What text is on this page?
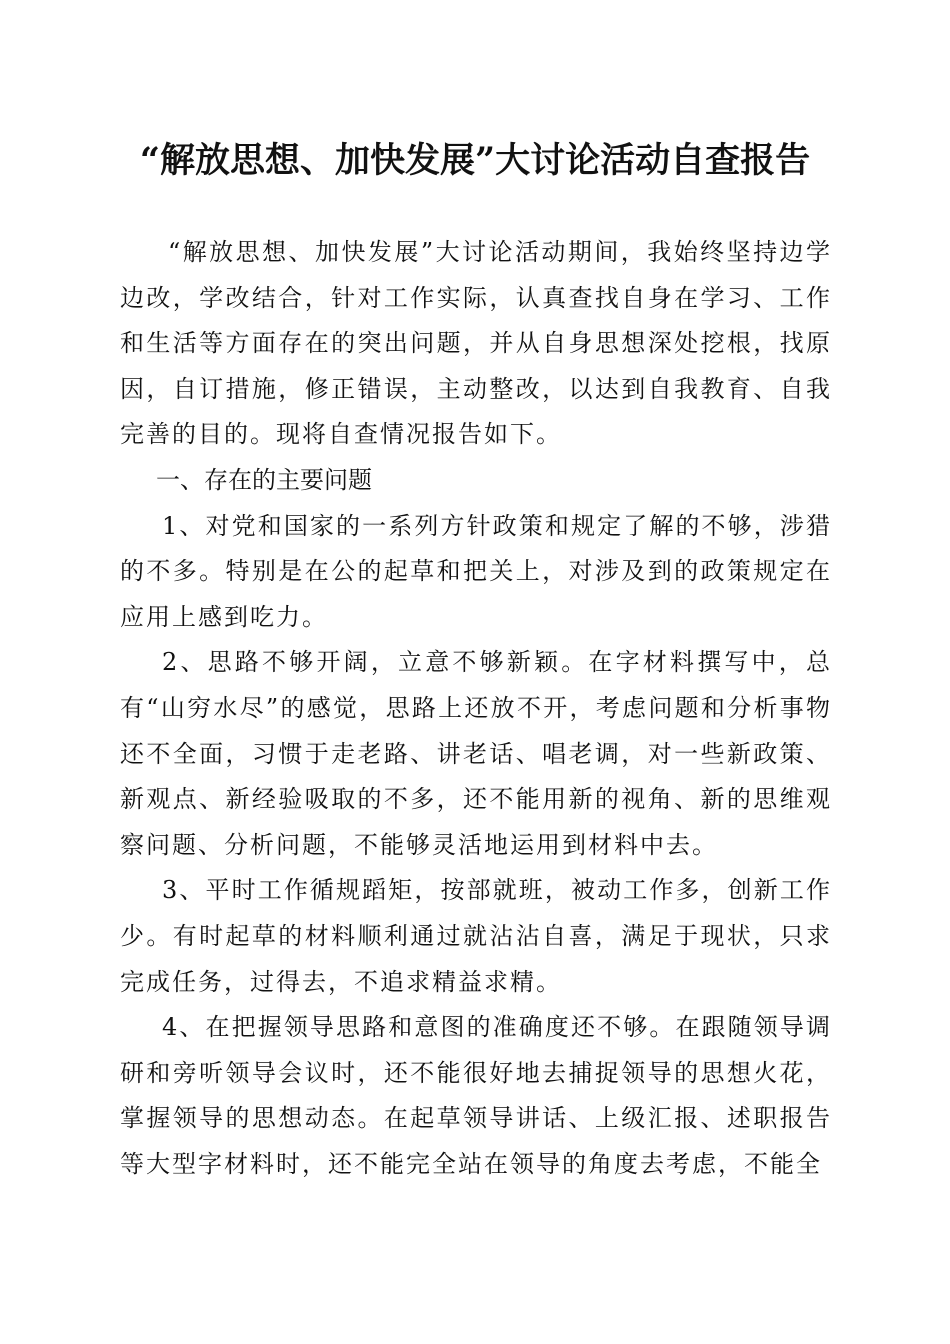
“解放思想、加快发展”大讨论活动自查报告

“解放思想、加快发展”大讨论活动期间，我始终坚持边学边改，学改结合，针对工作实际，认真查找自身在学习、工作和生活等方面存在的突出问题，并从自身思想深处挖根，找原因，自订措施，修正错误，主动整改，以达到自我教育、自我完善的目的。现将自查情况报告如下。

一、存在的主要问题

1、对党和国家的一系列方针政策和规定了解的不够，涉猎的不多。特别是在公的起草和把关上，对涉及到的政策规定在应用上感到吃力。

2、思路不够开阔，立意不够新颖。在字材料撰写中，总有“山穷水尽”的感觉，思路上还放不开，考虑问题和分析事物还不全面，习惯于走老路、讲老话、唱老调，对一些新政策、新观点、新经验吸取的不多，还不能用新的视角、新的思维观察问题、分析问题，不能够灵活地运用到材料中去。

3、平时工作循规蹈矩，按部就班，被动工作多，创新工作少。有时起草的材料顺利通过就沾沾自喜，满足于现状，只求完成任务，过得去，不追求精益求精。

4、在把握领导思路和意图的准确度还不够。在跟随领导调研和旁听领导会议时，还不能很好地去捕捉领导的思想火花，掌握领导的思想动态。在起草领导讲话、上级汇报、述职报告等大型字材料时，还不能完全站在领导的角度去考虑，不能全
